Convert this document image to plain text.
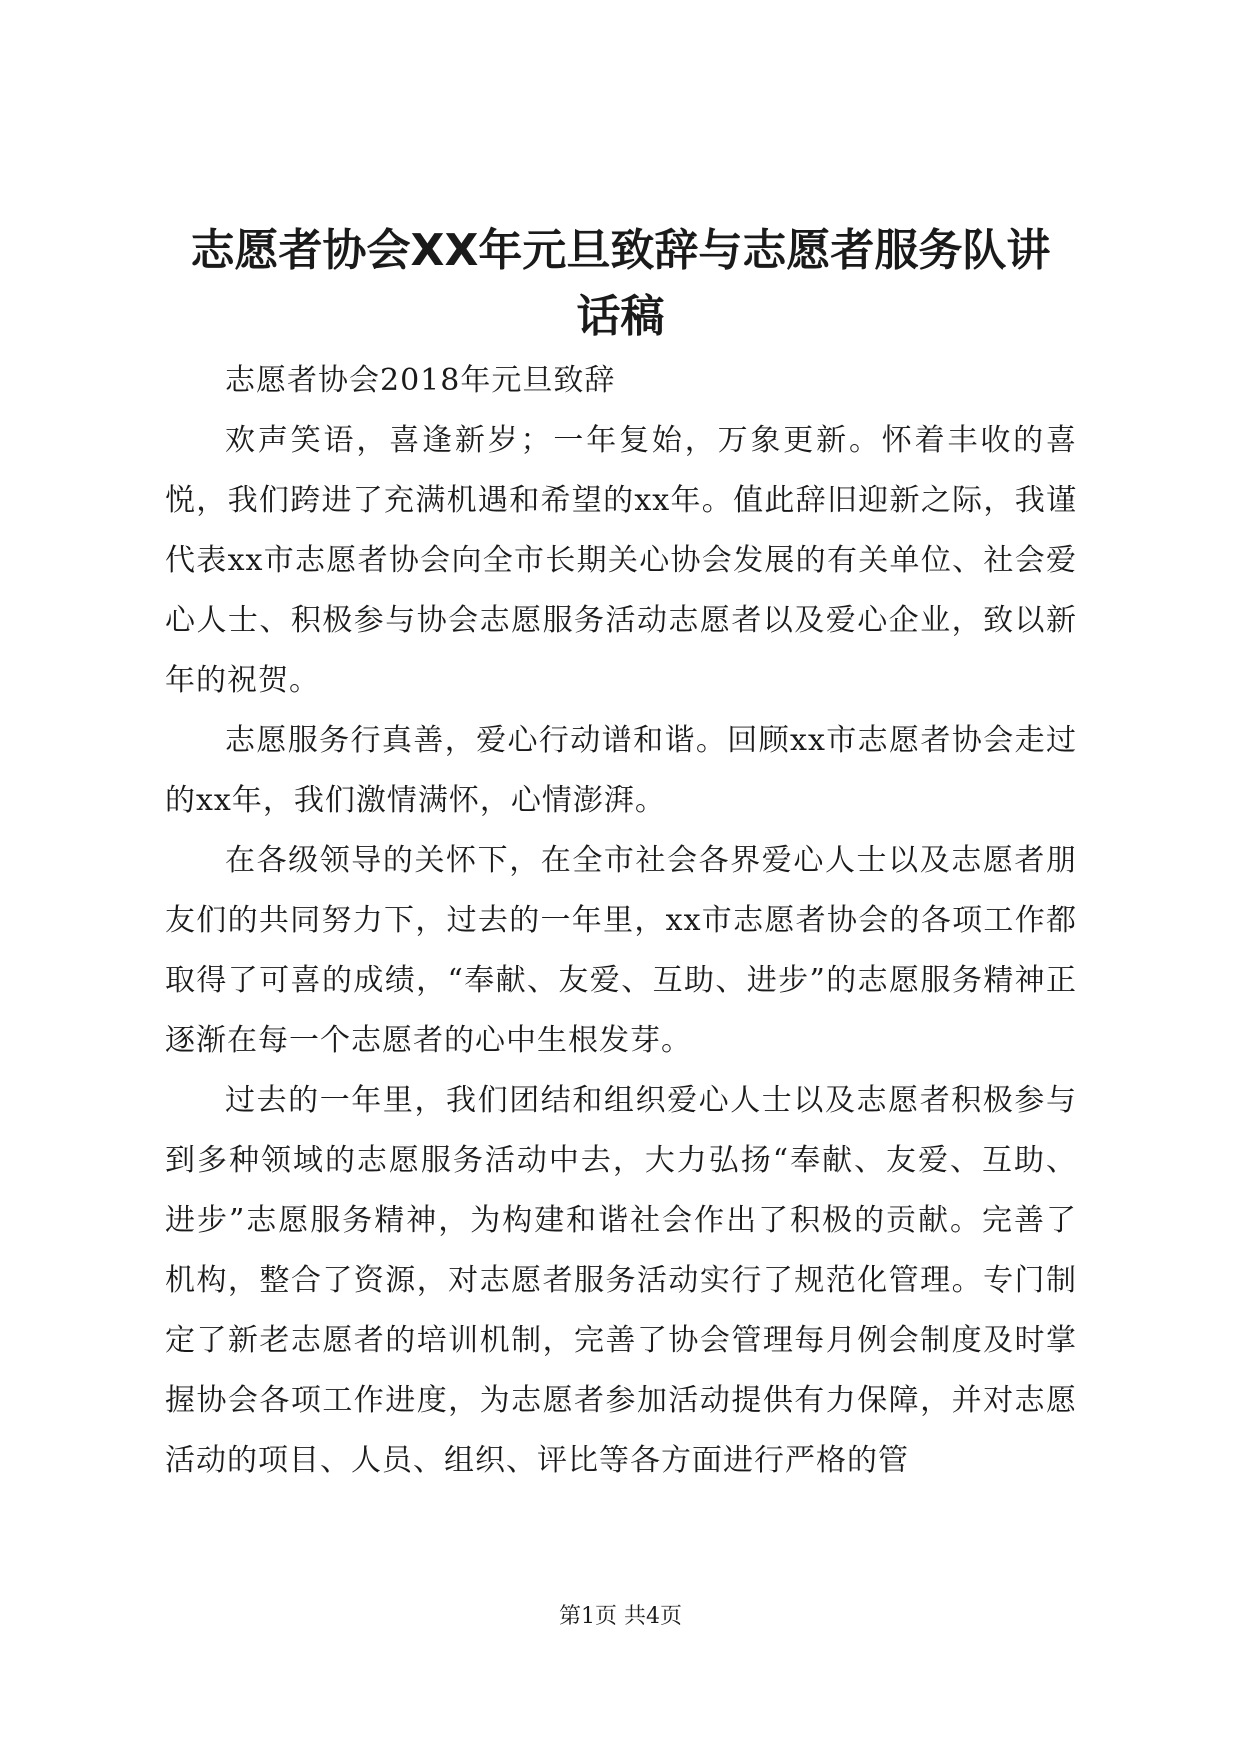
志愿者协会XX年元旦致辞与志愿者服务队讲
话稿

志愿者协会2018年元旦致辞

欢声笑语，喜逢新岁；一年复始，万象更新。怀着丰收的喜悦，我们跨进了充满机遇和希望的xx年。值此辞旧迎新之际，我谨代表xx市志愿者协会向全市长期关心协会发展的有关单位、社会爱心人士、积极参与协会志愿服务活动志愿者以及爱心企业，致以新年的祝贺。

志愿服务行真善，爱心行动谱和谐。回顾xx市志愿者协会走过的xx年，我们激情满怀，心情澎湃。

在各级领导的关怀下，在全市社会各界爱心人士以及志愿者朋友们的共同努力下，过去的一年里，xx市志愿者协会的各项工作都取得了可喜的成绩，“奉献、友爱、互助、进步”的志愿服务精神正逐渐在每一个志愿者的心中生根发芽。

过去的一年里，我们团结和组织爱心人士以及志愿者积极参与到多种领域的志愿服务活动中去，大力弘扬“奉献、友爱、互助、进步”志愿服务精神，为构建和谐社会作出了积极的贡献。完善了机构，整合了资源，对志愿者服务活动实行了规范化管理。专门制定了新老志愿者的培训机制，完善了协会管理每月例会制度及时掌握协会各项工作进度，为志愿者参加活动提供有力保障，并对志愿活动的项目、人员、组织、评比等各方面进行严格的管

第1页 共4页
